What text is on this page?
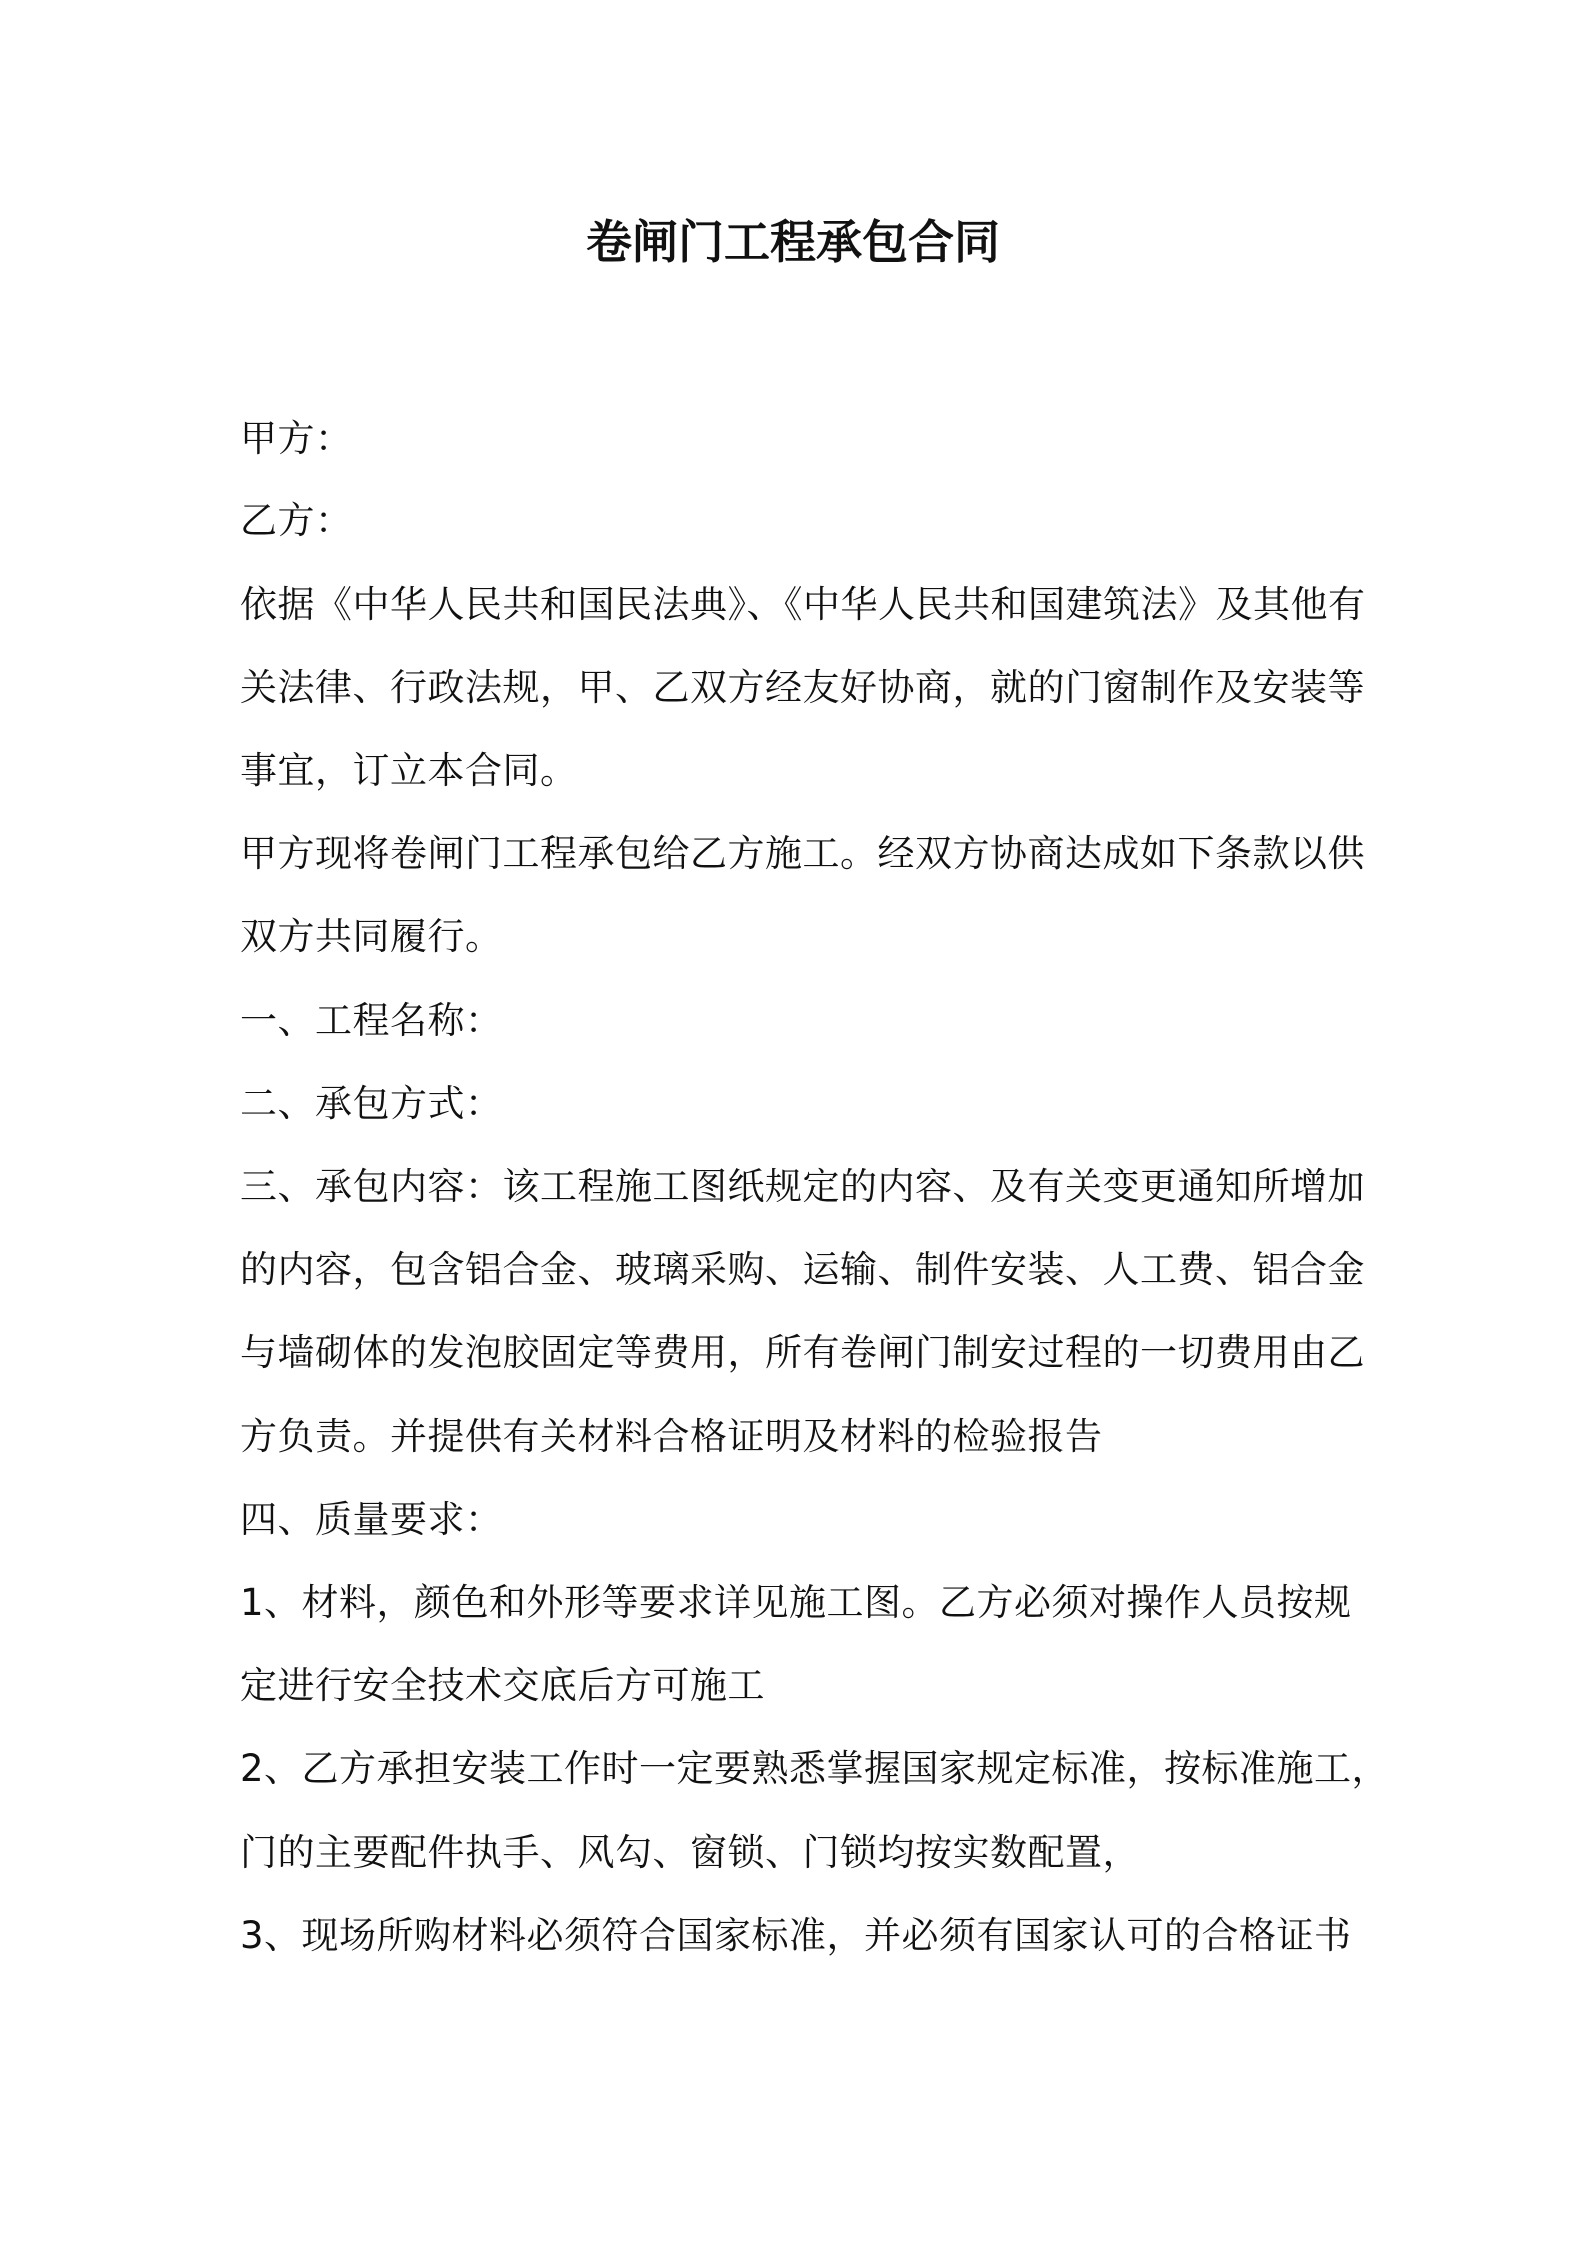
卷闸门工程承包合同

甲方：

乙方：

依据《中华人民共和国民法典》、《中华人民共和国建筑法》及其他有

关法律、行政法规，甲、乙双方经友好协商，就的门窗制作及安装等

事宜，订立本合同。

甲方现将卷闸门工程承包给乙方施工。经双方协商达成如下条款以供

双方共同履行。

一、工程名称：

二、承包方式：

三、承包内容：该工程施工图纸规定的内容、及有关变更通知所增加

的内容，包含铝合金、玻璃采购、运输、制件安装、人工费、铝合金

与墙砌体的发泡胶固定等费用，所有卷闸门制安过程的一切费用由乙

方负责。并提供有关材料合格证明及材料的检验报告

四、质量要求：

1、材料，颜色和外形等要求详见施工图。乙方必须对操作人员按规

定进行安全技术交底后方可施工

2、乙方承担安装工作时一定要熟悉掌握国家规定标准，按标准施工，

门的主要配件执手、风勾、窗锁、门锁均按实数配置，

3、现场所购材料必须符合国家标准，并必须有国家认可的合格证书
